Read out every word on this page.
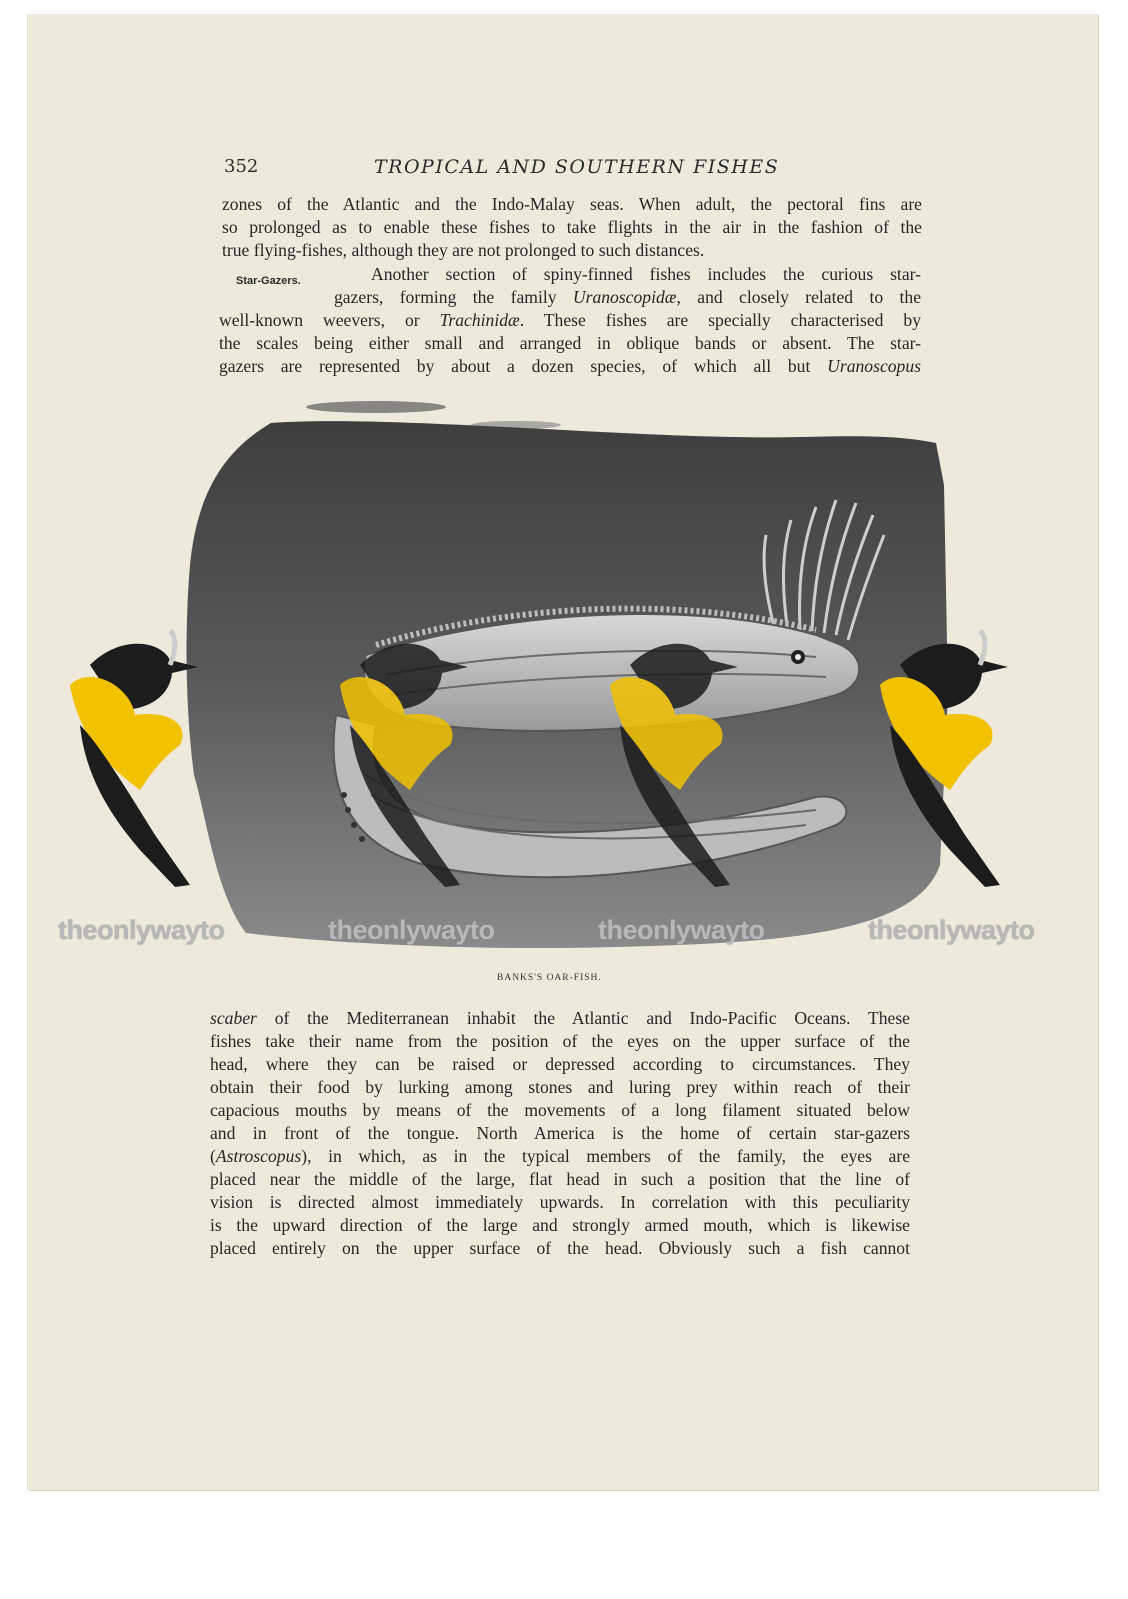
352	TROPICAL AND SOUTHERN FISHES

zones of the Atlantic and the Indo-Malay seas. When adult, the pectoral fins are
so prolonged as to enable these fishes to take flights in the air in the fashion of the
true flying-fishes, although they are not prolonged to such distances.

Star-Gazers.	Another section of spiny-finned fishes includes the curious star-
gazers, forming the family Uranoscopidæ, and closely related to the
well-known weevers, or Trachinidæ. These fishes are specially characterised by
the scales being either small and arranged in oblique bands or absent. The star-
gazers are represented by about a dozen species, of which all but Uranoscopus

theonlywayto	theonlywayto	theonlywayto	theonlywayto
BANKS'S OAR-FISH.

scaber of the Mediterranean inhabit the Atlantic and Indo-Pacific Oceans. These
fishes take their name from the position of the eyes on the upper surface of the
head, where they can be raised or depressed according to circumstances. They
obtain their food by lurking among stones and luring prey within reach of their
capacious mouths by means of the movements of a long filament situated below
and in front of the tongue. North America is the home of certain star-gazers
(Astroscopus), in which, as in the typical members of the family, the eyes are
placed near the middle of the large, flat head in such a position that the line of
vision is directed almost immediately upwards. In correlation with this peculiarity
is the upward direction of the large and strongly armed mouth, which is likewise
placed entirely on the upper surface of the head. Obviously such a fish cannot
